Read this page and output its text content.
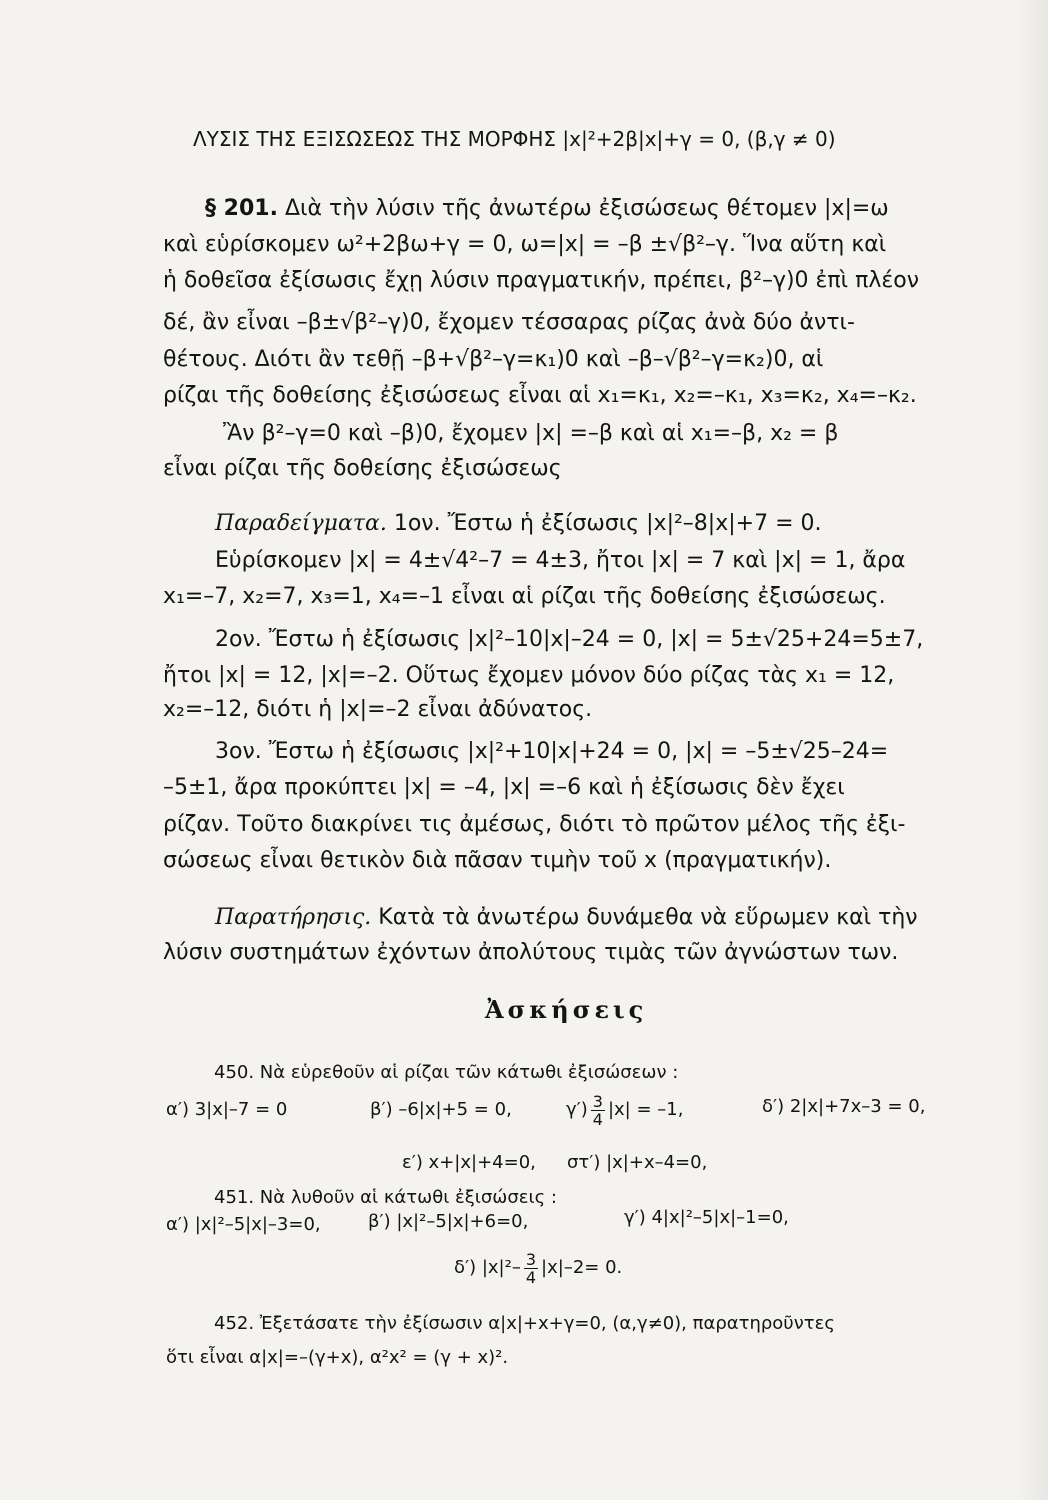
ΛΥΣΙΣ ΤΗΣ ΕΞΙΣΩΣΕΩΣ ΤΗΣ ΜΟΡΦΗΣ |x|²+2β|x|+γ = 0, (β,γ ≠ 0)
§ 201. Διὰ τὴν λύσιν τῆς ἀνωτέρω ἐξισώσεως θέτομεν |x|=ω
καὶ εὑρίσκομεν ω²+2βω+γ = 0, ω=|x| = –β ±√β²–γ. Ἵνα αὕτη καὶ
ἡ δοθεῖσα ἐξίσωσις ἔχῃ λύσιν πραγματικήν, πρέπει, β²–γ)0 ἐπὶ πλέον
δέ, ἂν εἶναι –β±√β²–γ)0, ἔχομεν τέσσαρας ρίζας ἀνὰ δύο ἀντι-
θέτους. Διότι ἂν τεθῇ –β+√β²–γ=κ₁)0 καὶ –β–√β²–γ=κ₂)0, αἱ
ρίζαι τῆς δοθείσης ἐξισώσεως εἶναι αἱ x₁=κ₁, x₂=–κ₁, x₃=κ₂, x₄=–κ₂.
Ἂν β²–γ=0 καὶ –β)0, ἔχομεν |x| =–β καὶ αἱ x₁=–β, x₂ = β
εἶναι ρίζαι τῆς δοθείσης ἐξισώσεως
Παραδείγματα. 1ον. Ἔστω ἡ ἐξίσωσις |x|²–8|x|+7 = 0.
Εὑρίσκομεν |x| = 4±√4²–7 = 4±3, ἤτοι |x| = 7 καὶ |x| = 1, ἄρα
x₁=–7, x₂=7, x₃=1, x₄=–1 εἶναι αἱ ρίζαι τῆς δοθείσης ἐξισώσεως.
2ον. Ἔστω ἡ ἐξίσωσις |x|²–10|x|–24 = 0, |x| = 5±√25+24=5±7,
ἤτοι |x| = 12, |x|=–2. Οὕτως ἔχομεν μόνον δύο ρίζας τὰς x₁ = 12,
x₂=–12, διότι ἡ |x|=–2 εἶναι ἀδύνατος.
3ον. Ἔστω ἡ ἐξίσωσις |x|²+10|x|+24 = 0, |x| = –5±√25–24=
–5±1, ἄρα προκύπτει |x| = –4, |x| =–6 καὶ ἡ ἐξίσωσις δὲν ἔχει
ρίζαν. Τοῦτο διακρίνει τις ἀμέσως, διότι τὸ πρῶτον μέλος τῆς ἐξι-
σώσεως εἶναι θετικὸν διὰ πᾶσαν τιμὴν τοῦ x (πραγματικήν).
Παρατήρησις. Κατὰ τὰ ἀνωτέρω δυνάμεθα νὰ εὕρωμεν καὶ τὴν
λύσιν συστημάτων ἐχόντων ἀπολύτους τιμὰς τῶν ἀγνώστων των.
Ἀσκήσεις
450. Νὰ εὑρεθοῦν αἱ ρίζαι τῶν κάτωθι ἐξισώσεων :
α′) 3|x|–7 = 0	β′) –6|x|+5 = 0,	$\gamma') \frac{3}{4} |x| = -1$,	δ′) 2|x|+7x–3 = 0,
ε′) x+|x|+4=0, στ′) |x|+x–4=0,
451. Νὰ λυθοῦν αἱ κάτωθι ἐξισώσεις :
α′) |x|²–5|x|–3=0,	β′) |x|²–5|x|+6=0,	γ′) 4|x|²–5|x|–1=0,
δ′) $|x|^2- \frac{3}{4} |x|-2= 0$.
452. Ἐξετάσατε τὴν ἐξίσωσιν α|x|+x+γ=0, (α,γ≠0), παρατηροῦντες
ὅτι εἶναι α|x|=–(γ+x), α²x² = (γ + x)².
